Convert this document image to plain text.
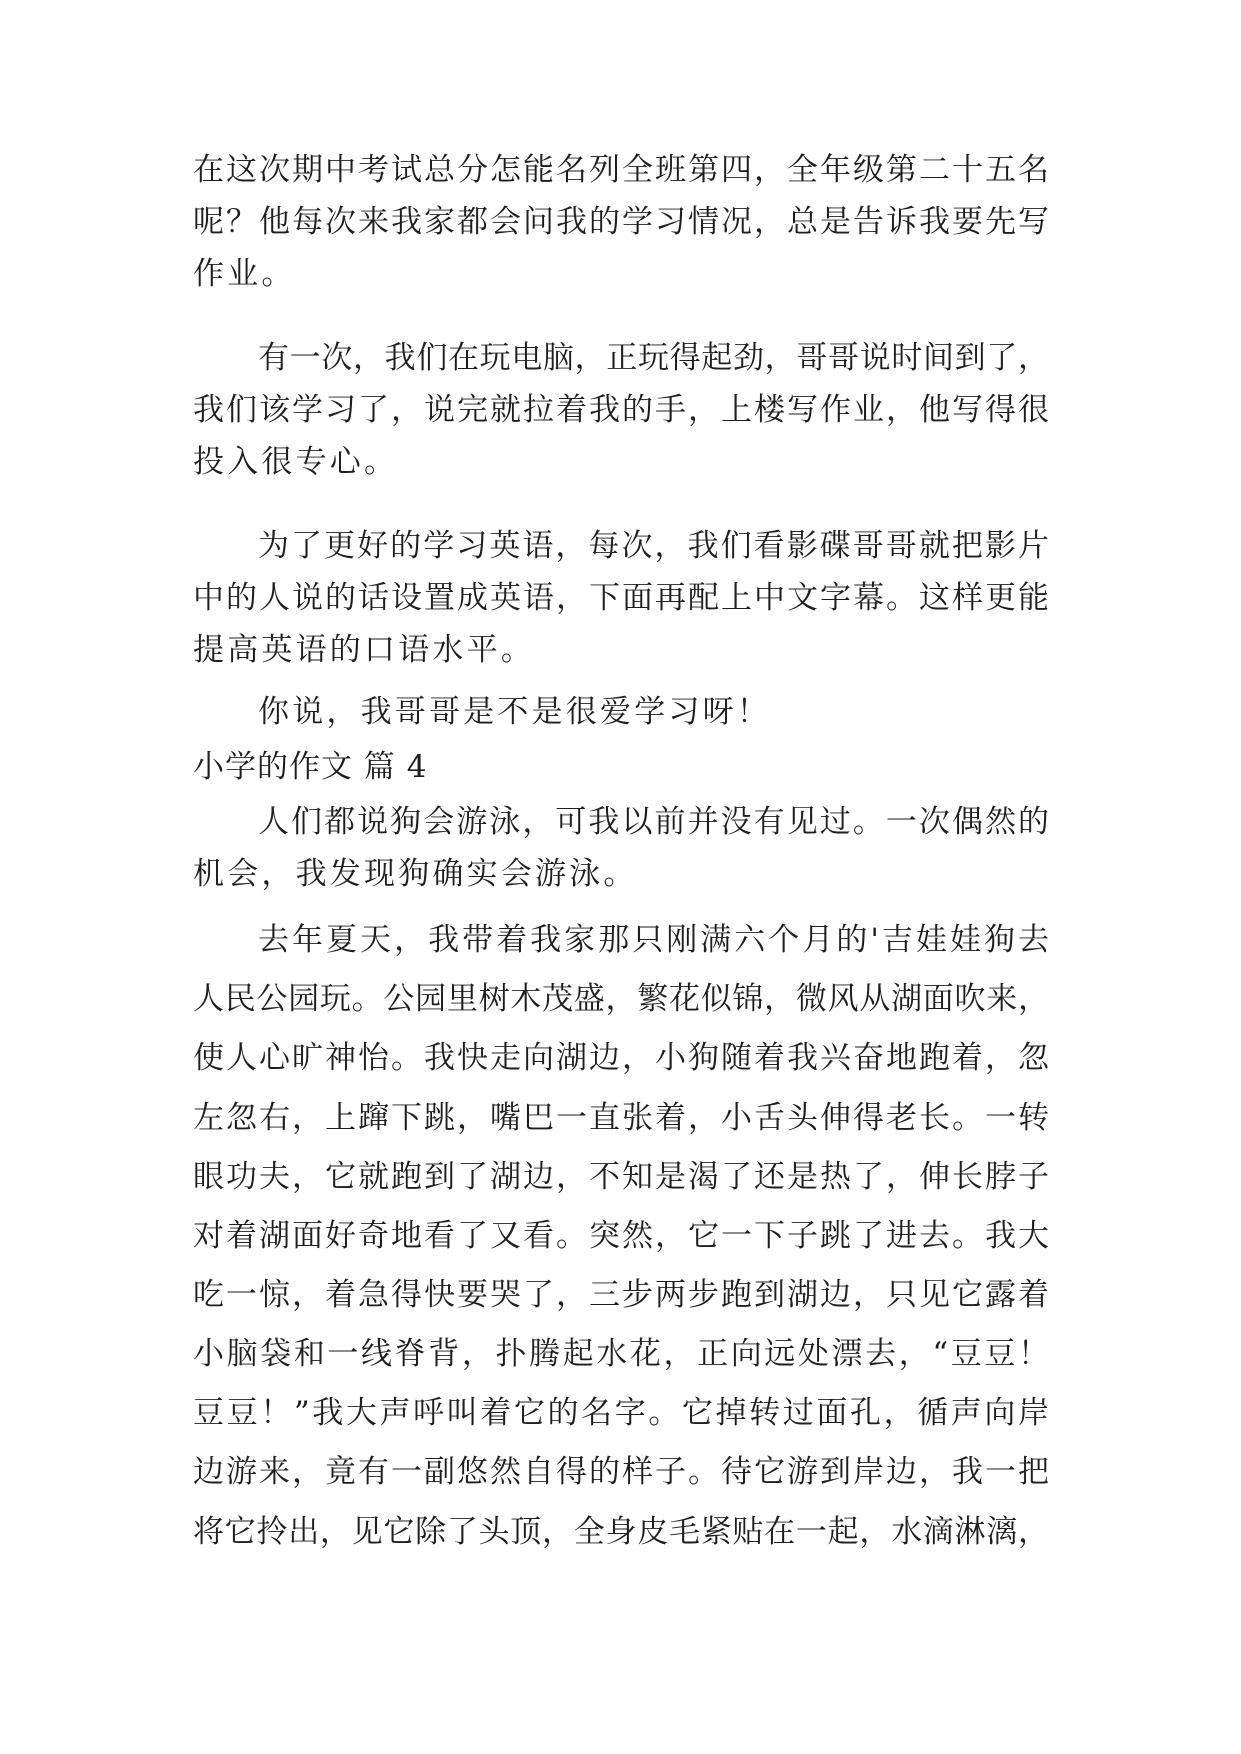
在这次期中考试总分怎能名列全班第四，全年级第二十五名
呢？他每次来我家都会问我的学习情况，总是告诉我要先写
作业。
有一次，我们在玩电脑，正玩得起劲，哥哥说时间到了，
我们该学习了，说完就拉着我的手，上楼写作业，他写得很
投入很专心。
为了更好的学习英语，每次，我们看影碟哥哥就把影片
中的人说的话设置成英语，下面再配上中文字幕。这样更能
提高英语的口语水平。
你说，我哥哥是不是很爱学习呀！
小学的作文 篇 4
人们都说狗会游泳，可我以前并没有见过。一次偶然的
机会，我发现狗确实会游泳。
去年夏天，我带着我家那只刚满六个月的'吉娃娃狗去
人民公园玩。公园里树木茂盛，繁花似锦，微风从湖面吹来，
使人心旷神怡。我快走向湖边，小狗随着我兴奋地跑着，忽
左忽右，上蹿下跳，嘴巴一直张着，小舌头伸得老长。一转
眼功夫，它就跑到了湖边，不知是渴了还是热了，伸长脖子
对着湖面好奇地看了又看。突然，它一下子跳了进去。我大
吃一惊，着急得快要哭了，三步两步跑到湖边，只见它露着
小脑袋和一线脊背，扑腾起水花，正向远处漂去，“豆豆！
豆豆！”我大声呼叫着它的名字。它掉转过面孔，循声向岸
边游来，竟有一副悠然自得的样子。待它游到岸边，我一把
将它拎出，见它除了头顶，全身皮毛紧贴在一起，水滴淋漓，
